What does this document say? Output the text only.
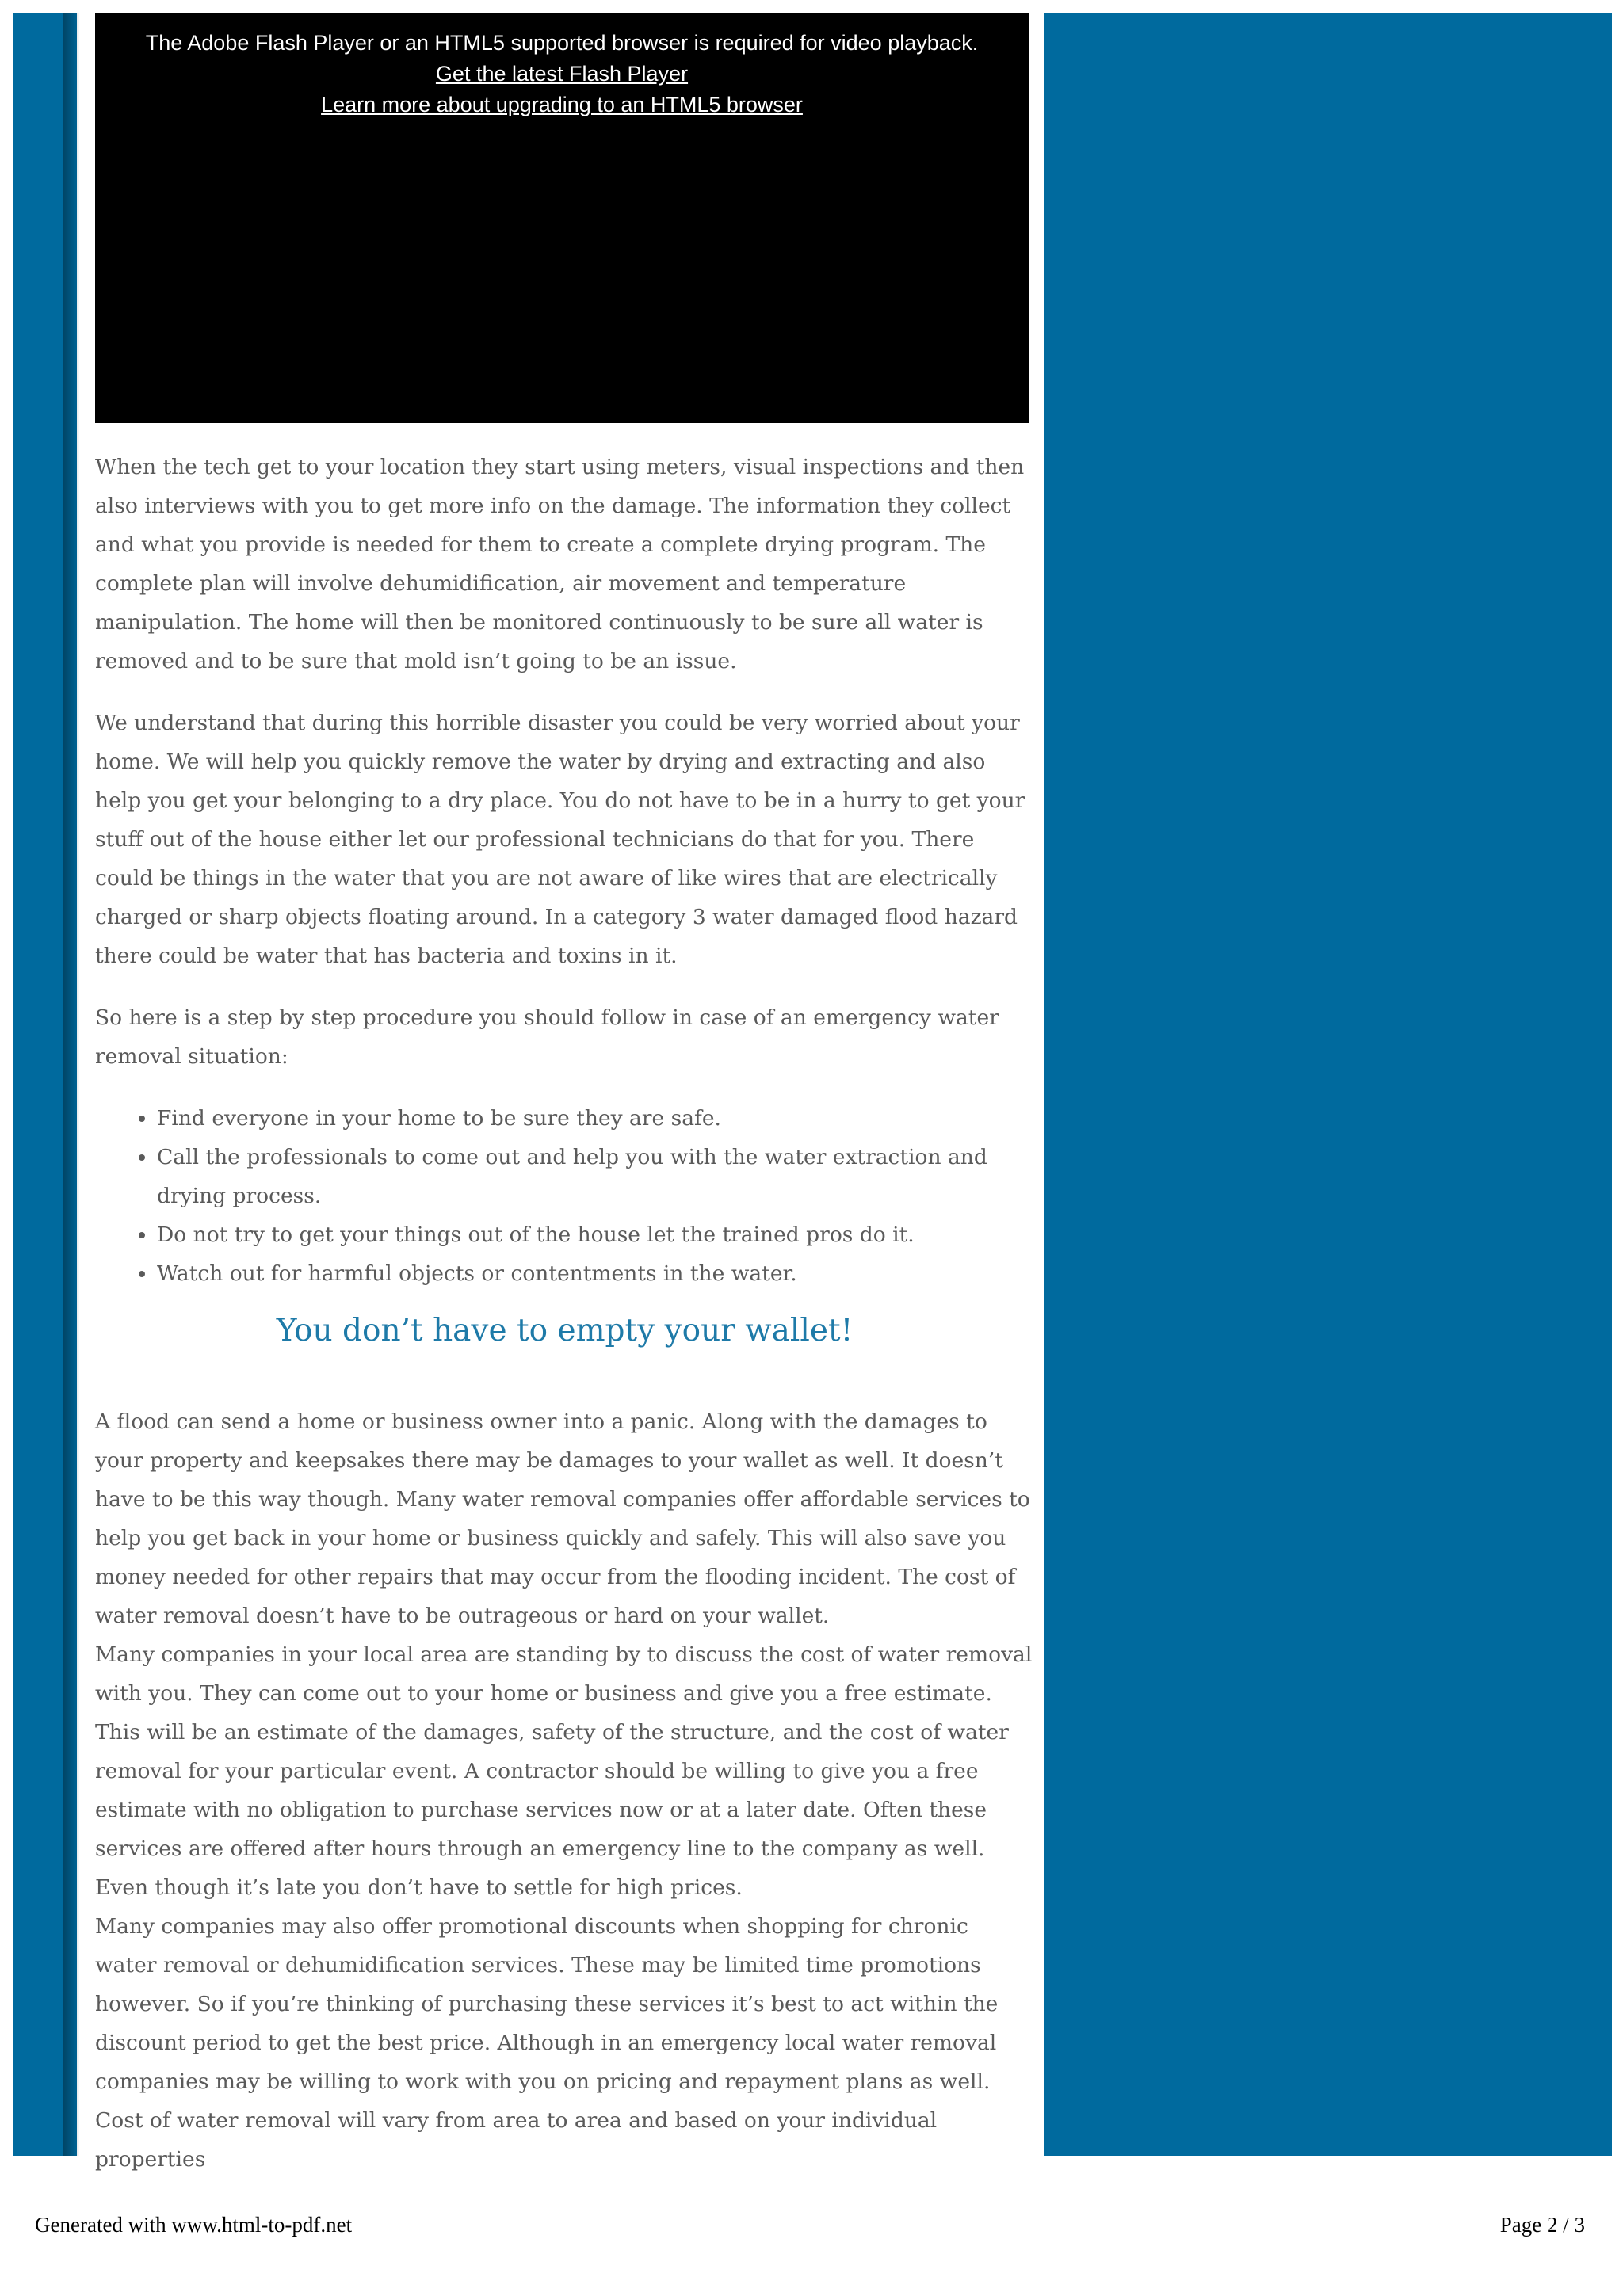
The Adobe Flash Player or an HTML5 supported browser is required for video playback.
Get the latest Flash Player
Learn more about upgrading to an HTML5 browser

When the tech get to your location they start using meters, visual inspections and then also interviews with you to get more info on the damage. The information they collect and what you provide is needed for them to create a complete drying program. The complete plan will involve dehumidification, air movement and temperature manipulation. The home will then be monitored continuously to be sure all water is removed and to be sure that mold isn’t going to be an issue.

We understand that during this horrible disaster you could be very worried about your home. We will help you quickly remove the water by drying and extracting and also help you get your belonging to a dry place. You do not have to be in a hurry to get your stuff out of the house either let our professional technicians do that for you. There could be things in the water that you are not aware of like wires that are electrically charged or sharp objects floating around. In a category 3 water damaged flood hazard there could be water that has bacteria and toxins in it.

So here is a step by step procedure you should follow in case of an emergency water removal situation:

• Find everyone in your home to be sure they are safe.
• Call the professionals to come out and help you with the water extraction and drying process.
• Do not try to get your things out of the house let the trained pros do it.
• Watch out for harmful objects or contentments in the water.
You don’t have to empty your wallet!

A flood can send a home or business owner into a panic. Along with the damages to your property and keepsakes there may be damages to your wallet as well. It doesn’t have to be this way though. Many water removal companies offer affordable services to help you get back in your home or business quickly and safely. This will also save you money needed for other repairs that may occur from the flooding incident. The cost of water removal doesn’t have to be outrageous or hard on your wallet.

Many companies in your local area are standing by to discuss the cost of water removal with you. They can come out to your home or business and give you a free estimate. This will be an estimate of the damages, safety of the structure, and the cost of water removal for your particular event. A contractor should be willing to give you a free estimate with no obligation to purchase services now or at a later date. Often these services are offered after hours through an emergency line to the company as well. Even though it’s late you don’t have to settle for high prices.

Many companies may also offer promotional discounts when shopping for chronic water removal or dehumidification services. These may be limited time promotions however. So if you’re thinking of purchasing these services it’s best to act within the discount period to get the best price. Although in an emergency local water removal companies may be willing to work with you on pricing and repayment plans as well.

Cost of water removal will vary from area to area and based on your individual properties

Generated with www.html-to-pdf.net	Page 2 / 3
